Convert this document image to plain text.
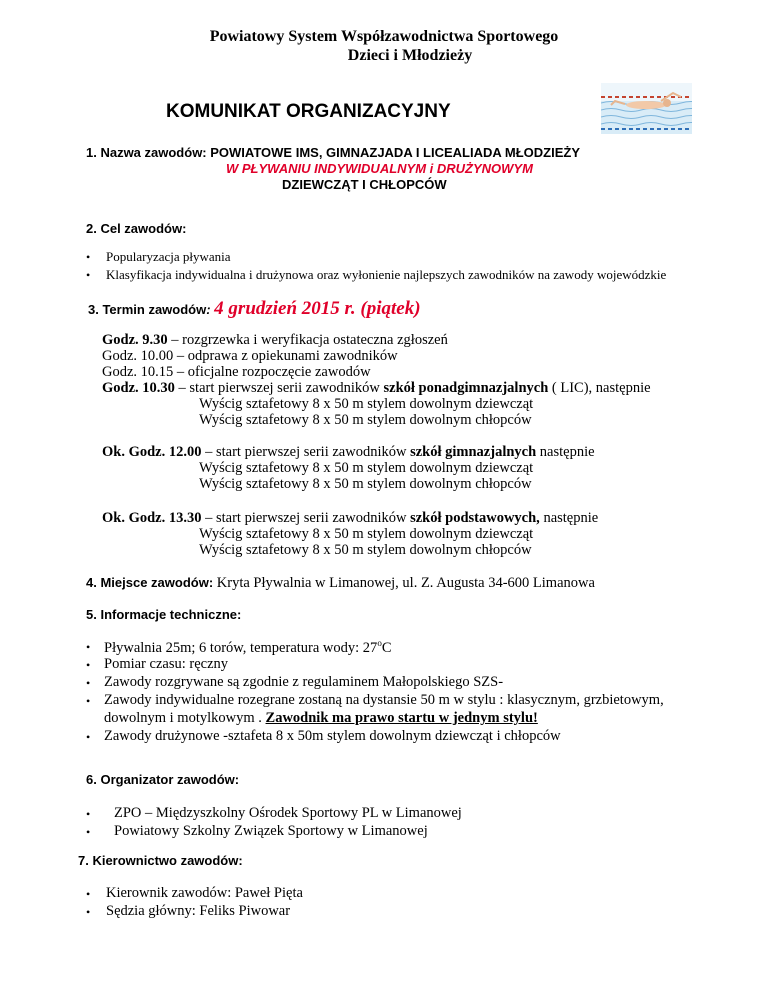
Powiatowy System Współzawodnictwa Sportowego
Dzieci i Młodzieży
KOMUNIKAT ORGANIZACYJNY
1. Nazwa zawodów: POWIATOWE IMS, GIMNAZJADA I LICEALIADA MŁODZIEŻY
W PŁYWANIU INDYWIDUALNYM i DRUŻYNOWYM
DZIEWCZĄT I CHŁOPCÓW
2. Cel zawodów:
• Popularyzacja pływania
• Klasyfikacja indywidualna i drużynowa oraz wyłonienie najlepszych zawodników na zawody wojewódzkie
3. Termin zawodów: 4 grudzień 2015 r. (piątek)
Godz. 9.30 – rozgrzewka i weryfikacja ostateczna zgłoszeń
Godz. 10.00 – odprawa z opiekunami zawodników
Godz. 10.15 – oficjalne rozpoczęcie zawodów
Godz. 10.30 – start pierwszej serii zawodników szkół ponadgimnazjalnych ( LIC), następnie
Wyścig sztafetowy 8 x 50 m stylem dowolnym dziewcząt
Wyścig sztafetowy 8 x 50 m stylem dowolnym chłopców
Ok. Godz. 12.00 – start pierwszej serii zawodników szkół gimnazjalnych następnie
Wyścig sztafetowy 8 x 50 m stylem dowolnym dziewcząt
Wyścig sztafetowy 8 x 50 m stylem dowolnym chłopców
Ok. Godz. 13.30 – start pierwszej serii zawodników szkół podstawowych, następnie
Wyścig sztafetowy 8 x 50 m stylem dowolnym dziewcząt
Wyścig sztafetowy 8 x 50 m stylem dowolnym chłopców
4. Miejsce zawodów: Kryta Pływalnia w Limanowej, ul. Z. Augusta 34-600 Limanowa
5. Informacje techniczne:
• Pływalnia 25m; 6 torów, temperatura wody: 27$^o$C
• Pomiar czasu: ręczny
• Zawody rozgrywane są zgodnie z regulaminem Małopolskiego SZS-
• Zawody indywidualne rozegrane zostaną na dystansie 50 m w stylu : klasycznym, grzbietowym,
dowolnym i motylkowym . Zawodnik ma prawo startu w jednym stylu!
• Zawody drużynowe -sztafeta 8 x 50m stylem dowolnym dziewcząt i chłopców
6. Organizator zawodów:
• ZPO – Międzyszkolny Ośrodek Sportowy PL w Limanowej
• Powiatowy Szkolny Związek Sportowy w Limanowej
7. Kierownictwo zawodów:
• Kierownik zawodów: Paweł Pięta
• Sędzia główny: Feliks Piwowar
